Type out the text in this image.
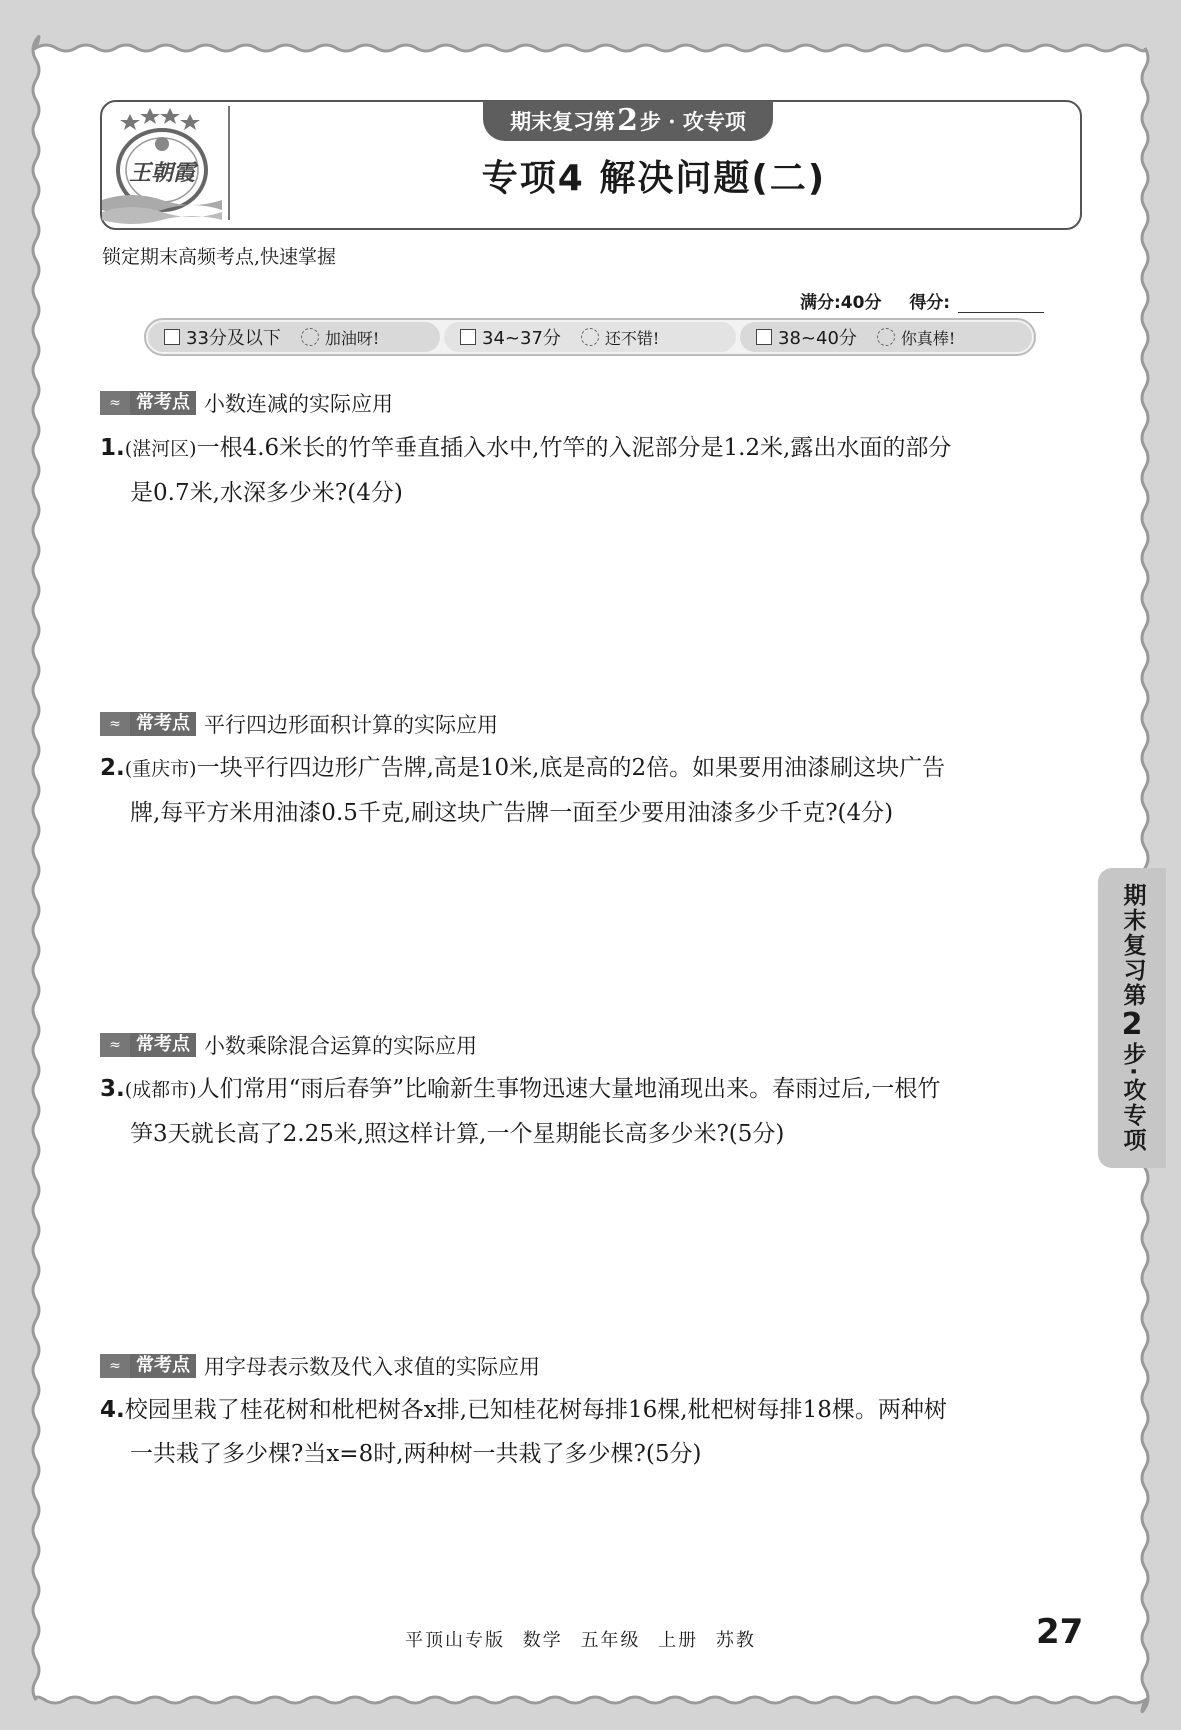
王朝霞
期末复习第 2 步 · 攻专项
专项4 解决问题(二)
锁定期末高频考点,快速掌握
满分:40分 得分:
33分及以下	加油呀!	34~37分	还不错!	38~40分	你真棒!
≈ 常考点 小数连减的实际应用
1.(湛河区)一根4.6米长的竹竿垂直插入水中,竹竿的入泥部分是1.2米,露出水面的部分
是0.7米,水深多少米?(4分)
≈ 常考点 平行四边形面积计算的实际应用
2.(重庆市)一块平行四边形广告牌,高是10米,底是高的2倍。如果要用油漆刷这块广告
牌,每平方米用油漆0.5千克,刷这块广告牌一面至少要用油漆多少千克?(4分)
≈ 常考点 小数乘除混合运算的实际应用
3.(成都市)人们常用“雨后春笋”比喻新生事物迅速大量地涌现出来。春雨过后,一根竹
笋3天就长高了2.25米,照这样计算,一个星期能长高多少米?(5分)
≈ 常考点 用字母表示数及代入求值的实际应用
4.校园里栽了桂花树和枇杷树各x排,已知桂花树每排16棵,枇杷树每排18棵。两种树
一共栽了多少棵?当x=8时,两种树一共栽了多少棵?(5分)
期末复习第
2
步·攻专项
平顶山专版 数学 五年级 上册 苏教	27
